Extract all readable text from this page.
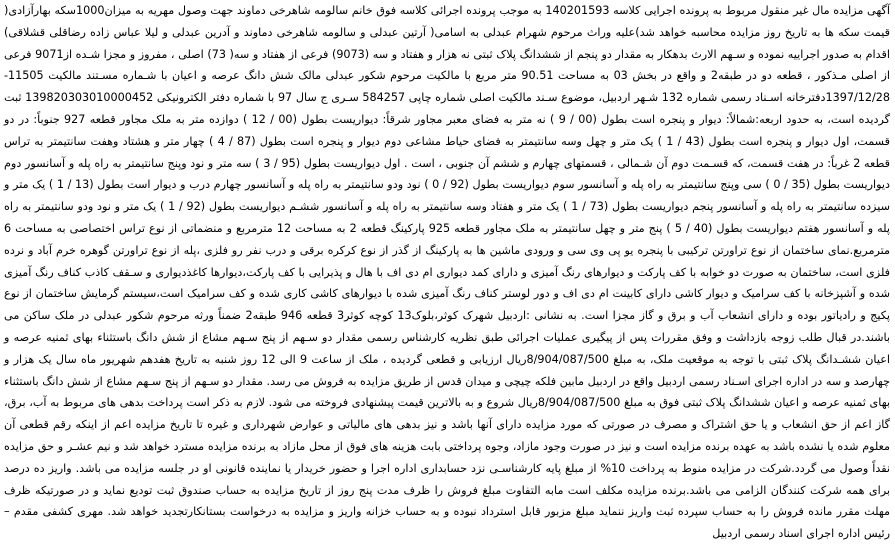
آگهی مزایده مال غیر منقول مربوط به پرونده اجرایی کلاسه 140201593 به موجب پرونده اجرائی کلاسه فوق خانم سالومه شاهرخی دماوند جهت وصول مهریه به میزان1000سکه بهارآزادی( قیمت سکه ها به تاریخ روز مزایده محاسبه خواهد شد)علیه وراث مرحوم شهرام عبدلی به اسامی( آرتین عبدلی و سالومه شاهرخی دماوند و آدرین عبدلی و لیلا عباس زاده رضاقلی قشلاقی) اقدام به صدور اجراییه نموده و سـهم الارث بدهکار به مقدار دو پنجم از ششدانگ پلاک ثبتی نه هزار و هفتاد و سه (9073) فرعی از هفتاد و سه( 73) اصلی ، مفروز و مجزا شـده از9071 فرعی از اصلی مـذکور ، قطعه دو در طبقه2 و واقع در بخش 03 به مساحت 90.51 متر مربع با مالکیت مرحوم شکور عبدلی مالک شش دانگ عرصه و اعیان با شـماره مسـتند مالکیت 11505- 1397/12/28دفترخانه اسـناد رسمی شماره 132 شـهر اردبیل، موضوع سـند مالکیت اصلی شماره چاپی 584257 سـری ج سال 97 با شماره دفتر الکترونیکی 139820303010000452 ثبت گردیده است، به حدود اربعه:شمالاً: دیوار و پنجره است بطول (00 / 9 ) نه متر به فضای معبر مجاور شرقاً: دیواریست بطول (00 / 12 ) دوازده متر به ملک مجاور قطعه 927 جنوباً: در دو قسمت، اول دیوار و پنجره است بطول (43 / 1 ) یک متر و چهل وسه سانتیمتر به فضای حیاط مشاعی دوم دیوار و پنجره است بطول (87 / 4 ) چهار متر و هشتاد وهفت سانتیمتر به تراس قطعه 2 غرباً: در هفت قسمت، که قسـمت دوم آن شـمالی ، قسمتهای چهارم و ششم آن جنوبی ، است . اول دیواریست بطول (95 / 3 ) سه متر و نود وپنج سانتیمتر به راه پله و آسانسور دوم دیواریست بطول (35 / 0 ) سی وپنج سانتیمتر به راه پله و آسانسور سوم دیواریست بطول (92 / 0 ) نود ودو سانتیمتر به راه پله و آسانسور چهارم درب و دیوار است بطول (13 / 1 ) یک متر و سیزده سانتیمتر به راه پله و آسانسور پنجم دیواریست بطول (73 / 1 ) یک متر و هفتاد وسه سانتیمتر به راه پله و آسانسور ششـم دیواریست بطول (92 / 1 ) یک متر و نود ودو سانتیمتر به راه پله و آسانسور هفتم دیواریست بطول (40 / 5 ) پنج متر و چهل سانتیمتر به ملک مجاور قطعه 925 پارکینگ قطعه 2 به مساحت 12 مترمربع و منضماتی از نوع تراس اختصاصی به مساحت 6 مترمربع.نمای ساختمان از نوع تراورتن ترکیبی با پنجره یو پی وی سی و ورودی ماشین ها به پارکینگ از گذر از نوع کرکره برقی و درب نفر رو فلزی ،پله از نوع تراورتن گوهره خرم آباد و نرده فلزی است، ساختمان به صورت دو خوابه با کف پارکت و دیوارهای رنگ آمیزی و دارای کمد دیواری ام دی اف با هال و پذیرایی با کف پارکت،دیوارها کاغذدیواری و سـقف کاذب کناف رنگ آمیزی شده و آشپزخانه با کف سرامیک و دیوار کاشی دارای کابینت ام دی اف و دور لوستر کناف رنگ آمیزی شده با دیوارهای کاشی کاری شده و کف سرامیک است،سیستم گرمایش ساختمان از نوع پکیج و رادیاتور بوده و دارای انشعاب آب و برق و گاز مجزا است. به نشانی :اردبیل شهرک کوثر،بلوک13 کوچه کوثر3 قطعه 946 طبقه2 ضمناً ورثه مرحوم شکور عبدلی در ملک ساکن می باشند.در قبال طلب زوجه بازداشت و وفق مقررات پس از پیگیری عملیات اجرائی طبق نظریه کارشناس رسمی مقدار دو سـهم از پنج سـهم مشاع از شش دانگ باستثناء بهای ثمنیه عرصه و اعیان ششـدانگ پلاک ثبتی با توجه به موقعیت ملک، به مبلغ 8/904/087/500ریال ارزیابی و قطعی گردیده ، ملک از ساعت 9 الی 12 روز شنبه به تاریخ هفدهم شهریور ماه سال یک هزار و چهارصد و سه در اداره اجرای اسـناد رسمی اردبیل واقع در اردبیل مابین فلکه چیچی و میدان قدس از طریق مزایده به فروش می رسد. مقدار دو سـهم از پنج سـهم مشاع از شش دانگ باستثناء بهای ثمنیه عرصه و اعیان ششدانگ پلاک ثبتی فوق به مبلغ 8/904/087/500ریال شروع و به بالاترین قیمت پیشنهادی فروخته می شود. لازم به ذکر است پرداخت بدهی های مربوط به آب، برق، گاز اعم از حق انشعاب و یا حق اشتراک و مصرف در صورتی که مورد مزایده دارای آنها باشد و نیز بدهی های مالیاتی و عوارض شهرداری و غیره تا تاریخ مزایده اعم از اینکه رقم قطعی آن معلوم شده یا نشده باشد به عهده برنده مزایده است و نیز در صورت وجود مازاد، وجوه پرداختی بابت هزینه های فوق از محل مازاد به برنده مزایده مسترد خواهد شد و نیم عشـر و حق مزایده نقداً وصول می گردد.شرکت در مزایده منوط به پرداخت 10% از مبلغ پایه کارشناسـی نزد حسابداری اداره اجرا و حضور خریدار یا نماینده قانونی او در جلسه مزایده می باشد. واریز ده درصد برای همه شرکت کنندگان الزامی می باشد.برنده مزایده مکلف است مابه التفاوت مبلغ فروش را ظرف مدت پنج روز از تاریخ مزایده به حساب صندوق ثبت تودیع نماید و در صورتیکه ظرف مهلت مقرر مانده فروش را به حساب سپرده ثبت واریز ننماید مبلغ مزبور قابل استرداد نبوده و به حساب خزانه واریز و مزایده به درخواست بستانکارتجدید خواهد شد. مهری کشفی مقدم – رئیس اداره اجرای اسناد رسمی اردبیل
